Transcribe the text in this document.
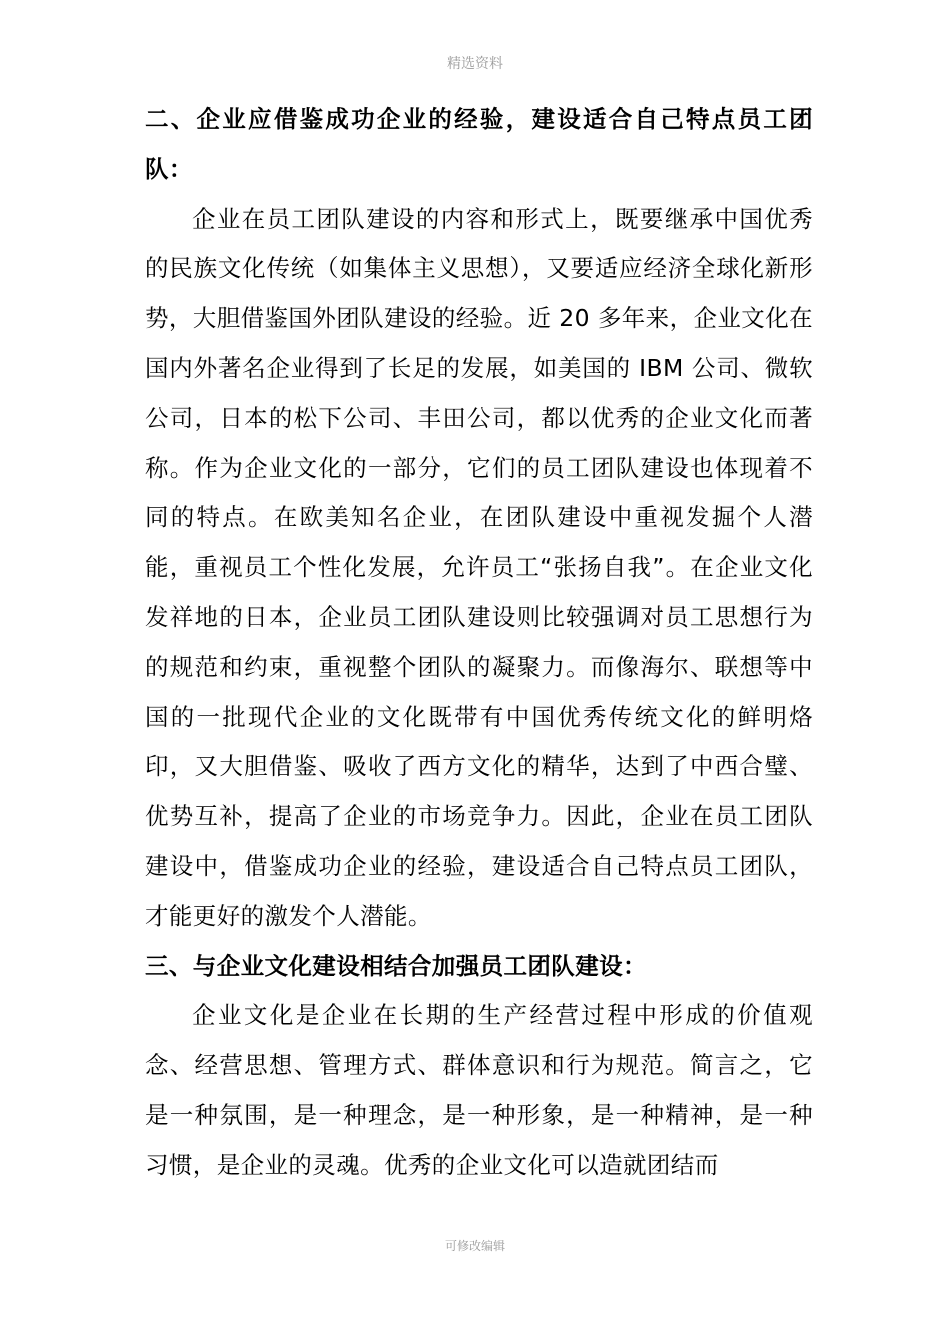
精选资料

二、企业应借鉴成功企业的经验，建设适合自己特点员工团队：

企业在员工团队建设的内容和形式上，既要继承中国优秀的民族文化传统（如集体主义思想），又要适应经济全球化新形势，大胆借鉴国外团队建设的经验。近 20 多年来，企业文化在国内外著名企业得到了长足的发展，如美国的 IBM 公司、微软公司，日本的松下公司、丰田公司，都以优秀的企业文化而著称。作为企业文化的一部分，它们的员工团队建设也体现着不同的特点。在欧美知名企业，在团队建设中重视发掘个人潜能，重视员工个性化发展，允许员工“张扬自我”。在企业文化发祥地的日本，企业员工团队建设则比较强调对员工思想行为的规范和约束，重视整个团队的凝聚力。而像海尔、联想等中国的一批现代企业的文化既带有中国优秀传统文化的鲜明烙印，又大胆借鉴、吸收了西方文化的精华，达到了中西合璧、优势互补，提高了企业的市场竞争力。因此，企业在员工团队建设中，借鉴成功企业的经验，建设适合自己特点员工团队，才能更好的激发个人潜能。

三、与企业文化建设相结合加强员工团队建设：

企业文化是企业在长期的生产经营过程中形成的价值观念、经营思想、管理方式、群体意识和行为规范。简言之，它是一种氛围，是一种理念，是一种形象，是一种精神，是一种习惯，是企业的灵魂。优秀的企业文化可以造就团结而

可修改编辑
